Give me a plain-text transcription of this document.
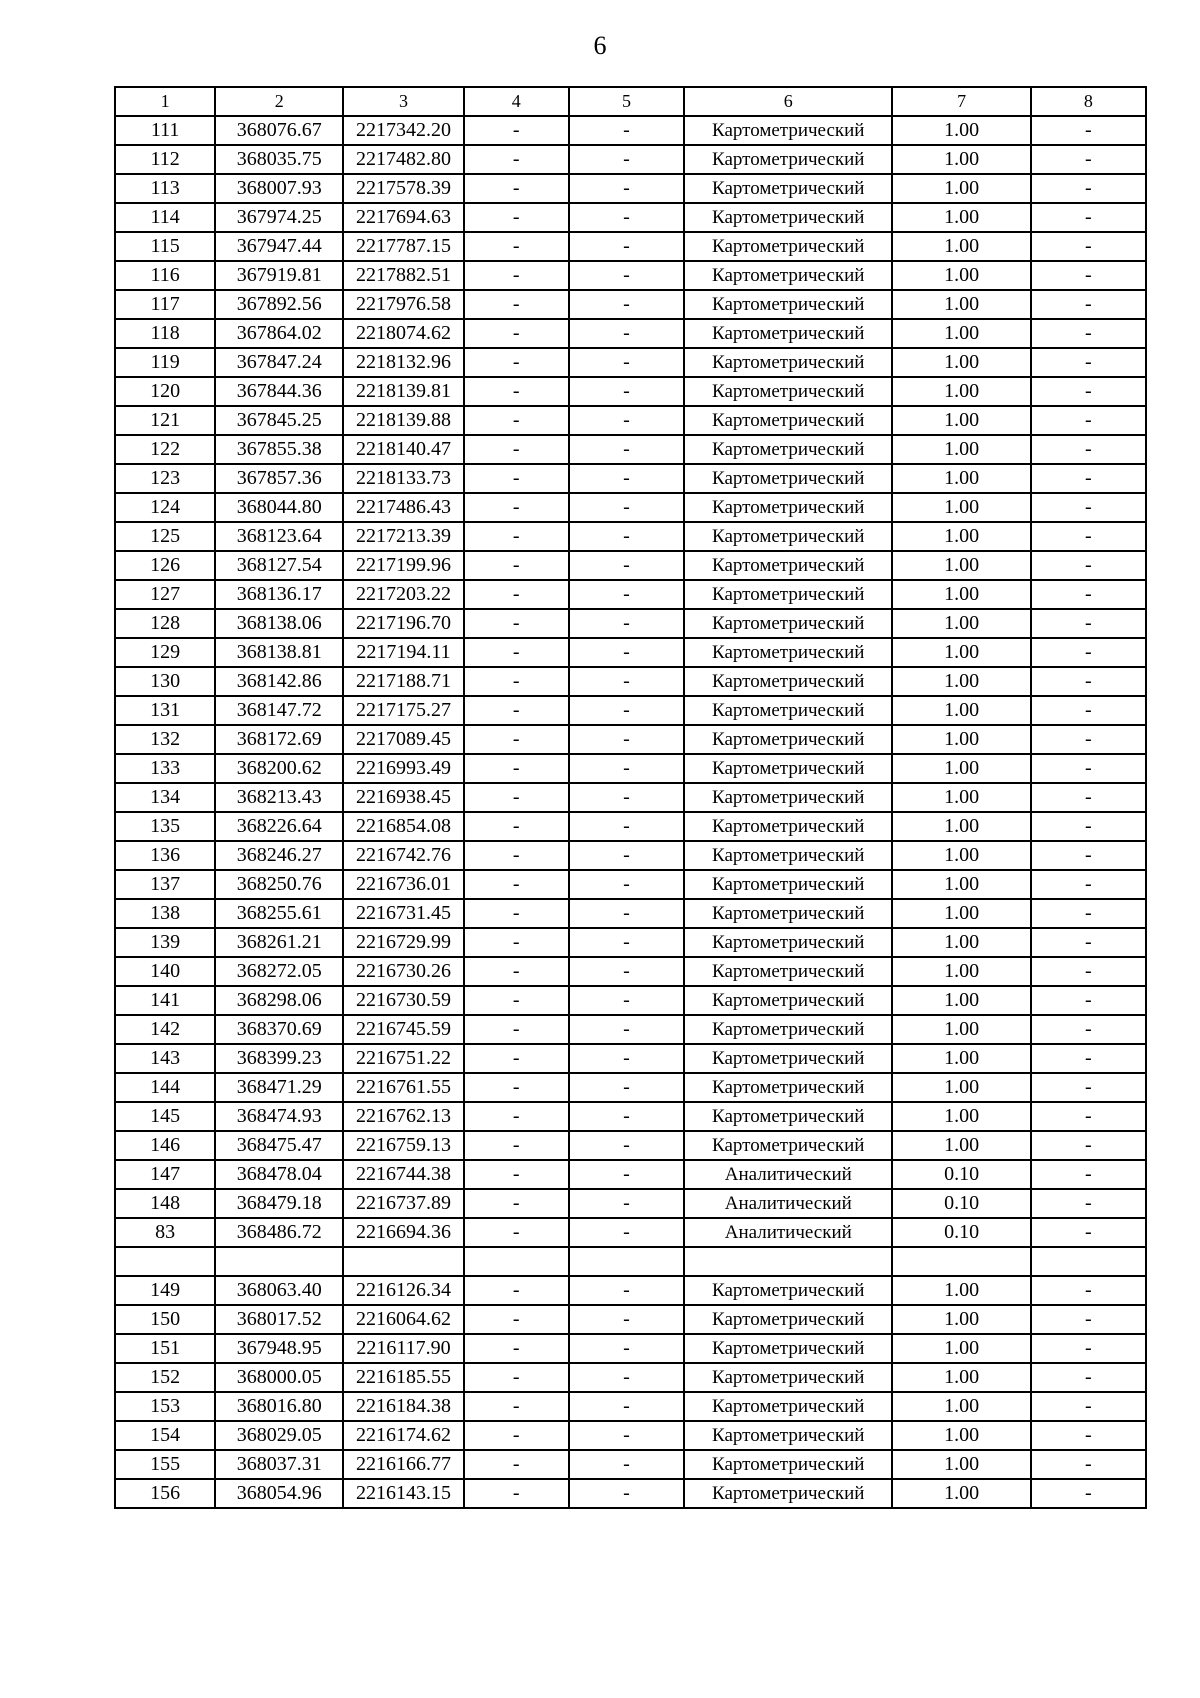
6
1	2	3	4	5	6	7	8
111	368076.67	2217342.20	-	-	Картометрический	1.00	-
112	368035.75	2217482.80	-	-	Картометрический	1.00	-
113	368007.93	2217578.39	-	-	Картометрический	1.00	-
114	367974.25	2217694.63	-	-	Картометрический	1.00	-
115	367947.44	2217787.15	-	-	Картометрический	1.00	-
116	367919.81	2217882.51	-	-	Картометрический	1.00	-
117	367892.56	2217976.58	-	-	Картометрический	1.00	-
118	367864.02	2218074.62	-	-	Картометрический	1.00	-
119	367847.24	2218132.96	-	-	Картометрический	1.00	-
120	367844.36	2218139.81	-	-	Картометрический	1.00	-
121	367845.25	2218139.88	-	-	Картометрический	1.00	-
122	367855.38	2218140.47	-	-	Картометрический	1.00	-
123	367857.36	2218133.73	-	-	Картометрический	1.00	-
124	368044.80	2217486.43	-	-	Картометрический	1.00	-
125	368123.64	2217213.39	-	-	Картометрический	1.00	-
126	368127.54	2217199.96	-	-	Картометрический	1.00	-
127	368136.17	2217203.22	-	-	Картометрический	1.00	-
128	368138.06	2217196.70	-	-	Картометрический	1.00	-
129	368138.81	2217194.11	-	-	Картометрический	1.00	-
130	368142.86	2217188.71	-	-	Картометрический	1.00	-
131	368147.72	2217175.27	-	-	Картометрический	1.00	-
132	368172.69	2217089.45	-	-	Картометрический	1.00	-
133	368200.62	2216993.49	-	-	Картометрический	1.00	-
134	368213.43	2216938.45	-	-	Картометрический	1.00	-
135	368226.64	2216854.08	-	-	Картометрический	1.00	-
136	368246.27	2216742.76	-	-	Картометрический	1.00	-
137	368250.76	2216736.01	-	-	Картометрический	1.00	-
138	368255.61	2216731.45	-	-	Картометрический	1.00	-
139	368261.21	2216729.99	-	-	Картометрический	1.00	-
140	368272.05	2216730.26	-	-	Картометрический	1.00	-
141	368298.06	2216730.59	-	-	Картометрический	1.00	-
142	368370.69	2216745.59	-	-	Картометрический	1.00	-
143	368399.23	2216751.22	-	-	Картометрический	1.00	-
144	368471.29	2216761.55	-	-	Картометрический	1.00	-
145	368474.93	2216762.13	-	-	Картометрический	1.00	-
146	368475.47	2216759.13	-	-	Картометрический	1.00	-
147	368478.04	2216744.38	-	-	Аналитический	0.10	-
148	368479.18	2216737.89	-	-	Аналитический	0.10	-
83	368486.72	2216694.36	-	-	Аналитический	0.10	-

149	368063.40	2216126.34	-	-	Картометрический	1.00	-
150	368017.52	2216064.62	-	-	Картометрический	1.00	-
151	367948.95	2216117.90	-	-	Картометрический	1.00	-
152	368000.05	2216185.55	-	-	Картометрический	1.00	-
153	368016.80	2216184.38	-	-	Картометрический	1.00	-
154	368029.05	2216174.62	-	-	Картометрический	1.00	-
155	368037.31	2216166.77	-	-	Картометрический	1.00	-
156	368054.96	2216143.15	-	-	Картометрический	1.00	-
